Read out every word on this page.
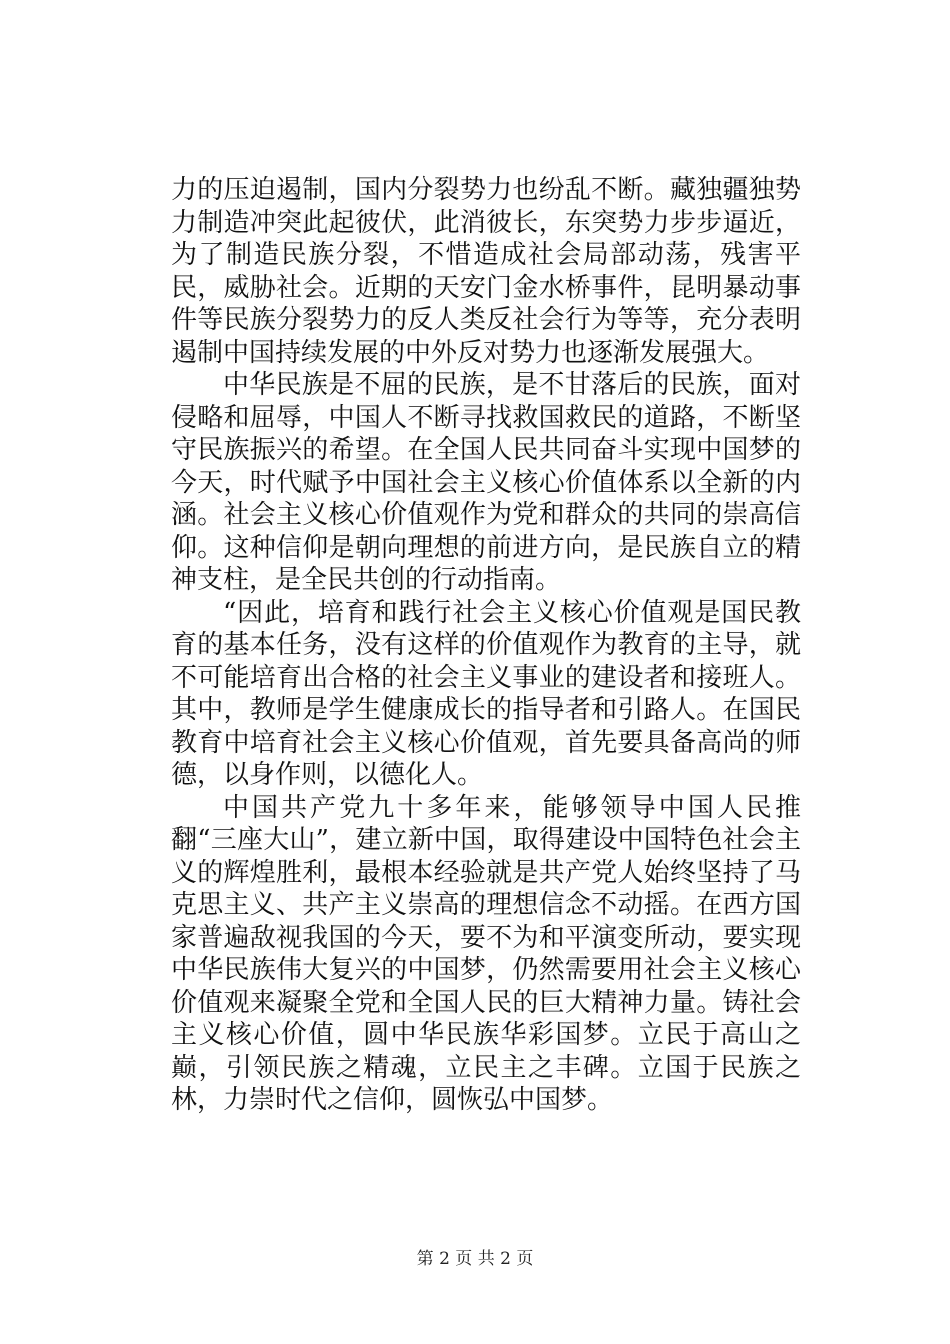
力的压迫遏制，国内分裂势力也纷乱不断。藏独疆独势力制造冲突此起彼伏，此消彼长，东突势力步步逼近，为了制造民族分裂，不惜造成社会局部动荡，残害平民，威胁社会。近期的天安门金水桥事件，昆明暴动事件等民族分裂势力的反人类反社会行为等等，充分表明遏制中国持续发展的中外反对势力也逐渐发展强大。

中华民族是不屈的民族，是不甘落后的民族，面对侵略和屈辱，中国人不断寻找救国救民的道路，不断坚守民族振兴的希望。在全国人民共同奋斗实现中国梦的今天，时代赋予中国社会主义核心价值体系以全新的内涵。社会主义核心价值观作为党和群众的共同的崇高信仰。这种信仰是朝向理想的前进方向，是民族自立的精神支柱，是全民共创的行动指南。

“因此，培育和践行社会主义核心价值观是国民教育的基本任务，没有这样的价值观作为教育的主导，就不可能培育出合格的社会主义事业的建设者和接班人。其中，教师是学生健康成长的指导者和引路人。在国民教育中培育社会主义核心价值观，首先要具备高尚的师德，以身作则，以德化人。

中国共产党九十多年来，能够领导中国人民推翻“三座大山”，建立新中国，取得建设中国特色社会主义的辉煌胜利，最根本经验就是共产党人始终坚持了马克思主义、共产主义崇高的理想信念不动摇。在西方国家普遍敌视我国的今天，要不为和平演变所动，要实现中华民族伟大复兴的中国梦，仍然需要用社会主义核心价值观来凝聚全党和全国人民的巨大精神力量。铸社会主义核心价值，圆中华民族华彩国梦。立民于高山之巅，引领民族之精魂，立民主之丰碑。立国于民族之林，力崇时代之信仰，圆恢弘中国梦。

第 2 页 共 2 页
